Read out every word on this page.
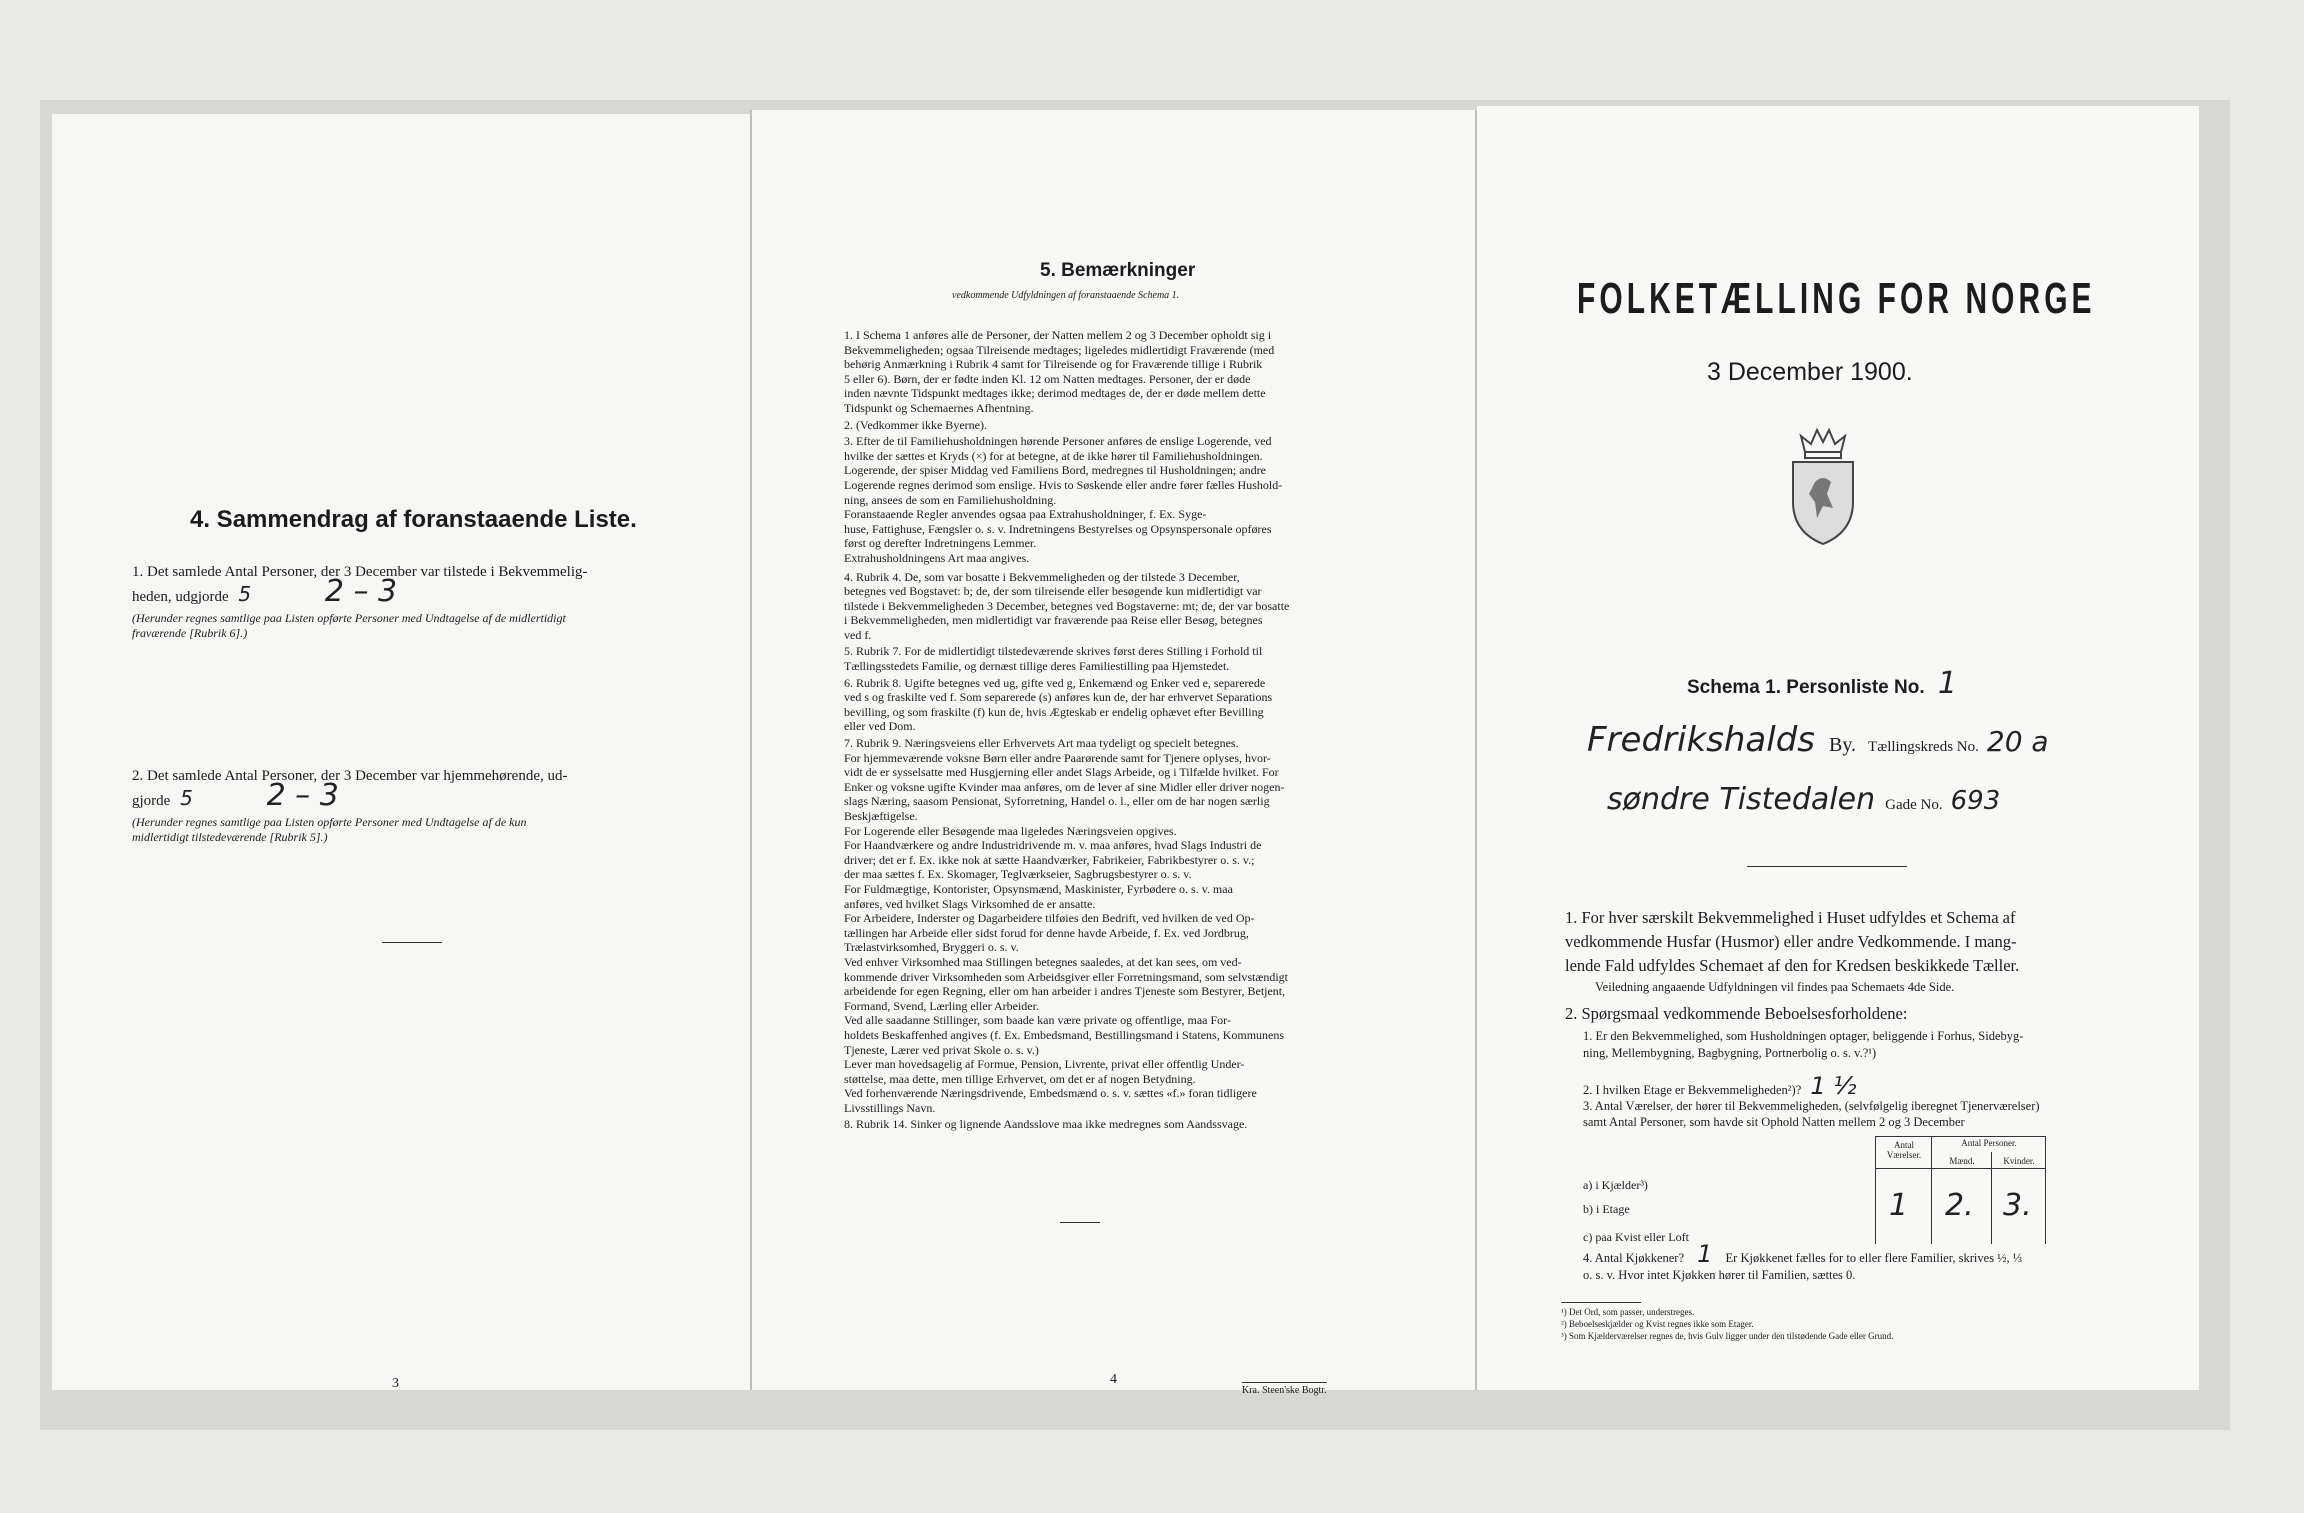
4. Sammendrag af foranstaaende Liste.
1. Det samlede Antal Personer, der 3 December var tilstede i Bekvemmelig-
heden, udgjorde 5 2 – 3
(Herunder regnes samtlige paa Listen opførte Personer med Undtagelse af de midlertidigt
fraværende [Rubrik 6].)
2. Det samlede Antal Personer, der 3 December var hjemmehørende, ud-
gjorde 5 2 – 3
(Herunder regnes samtlige paa Listen opførte Personer med Undtagelse af de kun
midlertidigt tilstedeværende [Rubrik 5].)
3
5. Bemærkninger
vedkommende Udfyldningen af foranstaaende Schema 1.
1. I Schema 1 anføres alle de Personer, der Natten mellem 2 og 3 December opholdt sig i
Bekvemmeligheden; ogsaa Tilreisende medtages; ligeledes midlertidigt Fraværende (med
behørig Anmærkning i Rubrik 4 samt for Tilreisende og for Fraværende tillige i Rubrik
5 eller 6). Børn, der er fødte inden Kl. 12 om Natten medtages. Personer, der er døde
inden nævnte Tidspunkt medtages ikke; derimod medtages de, der er døde mellem dette
Tidspunkt og Schemaernes Afhentning.
2. (Vedkommer ikke Byerne).
3. Efter de til Familiehusholdningen hørende Personer anføres de enslige Logerende, ved
hvilke der sættes et Kryds (×) for at betegne, at de ikke hører til Familiehusholdningen.
Logerende, der spiser Middag ved Familiens Bord, medregnes til Husholdningen; andre
Logerende regnes derimod som enslige. Hvis to Søskende eller andre fører fælles Hushold-
ning, ansees de som en Familiehusholdning.
Foranstaaende Regler anvendes ogsaa paa Extrahusholdninger, f. Ex. Syge-
huse, Fattighuse, Fængsler o. s. v. Indretningens Bestyrelses og Opsynspersonale opføres
først og derefter Indretningens Lemmer.
Extrahusholdningens Art maa angives.
4. Rubrik 4. De, som var bosatte i Bekvemmeligheden og der tilstede 3 December,
betegnes ved Bogstavet: b; de, der som tilreisende eller besøgende kun midlertidigt var
tilstede i Bekvemmeligheden 3 December, betegnes ved Bogstaverne: mt; de, der var bosatte
i Bekvemmeligheden, men midlertidigt var fraværende paa Reise eller Besøg, betegnes
ved f.
5. Rubrik 7. For de midlertidigt tilstedeværende skrives først deres Stilling i Forhold til
Tællingsstedets Familie, og dernæst tillige deres Familiestilling paa Hjemstedet.
6. Rubrik 8. Ugifte betegnes ved ug, gifte ved g, Enkemænd og Enker ved e, separerede
ved s og fraskilte ved f. Som separerede (s) anføres kun de, der har erhvervet Separations
bevilling, og som fraskilte (f) kun de, hvis Ægteskab er endelig ophævet efter Bevilling
eller ved Dom.
7. Rubrik 9. Næringsveiens eller Erhvervets Art maa tydeligt og specielt betegnes.
For hjemmeværende voksne Børn eller andre Paarørende samt for Tjenere oplyses, hvor-
vidt de er sysselsatte med Husgjerning eller andet Slags Arbeide, og i Tilfælde hvilket. For
Enker og voksne ugifte Kvinder maa anføres, om de lever af sine Midler eller driver nogen-
slags Næring, saasom Pensionat, Syforretning, Handel o. l., eller om de har nogen særlig
Beskjæftigelse.
For Logerende eller Besøgende maa ligeledes Næringsveien opgives.
For Haandværkere og andre Industridrivende m. v. maa anføres, hvad Slags Industri de
driver; det er f. Ex. ikke nok at sætte Haandværker, Fabrikeier, Fabrikbestyrer o. s. v.;
der maa sættes f. Ex. Skomager, Teglværkseier, Sagbrugsbestyrer o. s. v.
For Fuldmægtige, Kontorister, Opsynsmænd, Maskinister, Fyrbødere o. s. v. maa
anføres, ved hvilket Slags Virksomhed de er ansatte.
For Arbeidere, Inderster og Dagarbeidere tilføies den Bedrift, ved hvilken de ved Op-
tællingen har Arbeide eller sidst forud for denne havde Arbeide, f. Ex. ved Jordbrug,
Trælastvirksomhed, Bryggeri o. s. v.
Ved enhver Virksomhed maa Stillingen betegnes saaledes, at det kan sees, om ved-
kommende driver Virksomheden som Arbeidsgiver eller Forretningsmand, som selvstændigt
arbeidende for egen Regning, eller om han arbeider i andres Tjeneste som Bestyrer, Betjent,
Formand, Svend, Lærling eller Arbeider.
Ved alle saadanne Stillinger, som baade kan være private og offentlige, maa For-
holdets Beskaffenhed angives (f. Ex. Embedsmand, Bestillingsmand i Statens, Kommunens
Tjeneste, Lærer ved privat Skole o. s. v.)
Lever man hovedsagelig af Formue, Pension, Livrente, privat eller offentlig Under-
støttelse, maa dette, men tillige Erhvervet, om det er af nogen Betydning.
Ved forhenværende Næringsdrivende, Embedsmænd o. s. v. sættes «f.» foran tidligere
Livsstillings Navn.
8. Rubrik 14. Sinker og lignende Aandsslove maa ikke medregnes som Aandssvage.
4
Kra. Steen'ske Bogtr.
FOLKETÆLLING FOR NORGE
3 December 1900.
Schema 1. Personliste No. 1
Fredrikshalds By. Tællingskreds No. 20 a
søndre Tistedalen Gade No. 693
1. For hver særskilt Bekvemmelighed i Huset udfyldes et Schema af
vedkommende Husfar (Husmor) eller andre Vedkommende. I mang-
lende Fald udfyldes Schemaet af den for Kredsen beskikkede Tæller.
Veiledning angaaende Udfyldningen vil findes paa Schemaets 4de Side.
2. Spørgsmaal vedkommende Beboelsesforholdene:
1. Er den Bekvemmelighed, som Husholdningen optager, beliggende i Forhus, Sidebyg-
ning, Mellembygning, Bagbygning, Portnerbolig o. s. v.?¹)
2. I hvilken Etage er Bekvemmeligheden²)? 1 ½
3. Antal Værelser, der hører til Bekvemmeligheden, (selvfølgelig iberegnet Tjenerværelser)
samt Antal Personer, som havde sit Ophold Natten mellem 2 og 3 December
Antal Værelser.
Antal Personer.
Mænd.	Kvinder.
a) i Kjælder³)
b) i Etage	1 2. 3.
c) paa Kvist eller Loft
4. Antal Kjøkkener? 1 Er Kjøkkenet fælles for to eller flere Familier, skrives ½, ⅓
o. s. v. Hvor intet Kjøkken hører til Familien, sættes 0.
¹) Det Ord, som passer, understreges.
²) Beboelseskjælder og Kvist regnes ikke som Etager.
³) Som Kjælderværelser regnes de, hvis Gulv ligger under den tilstødende Gade eller Grund.
